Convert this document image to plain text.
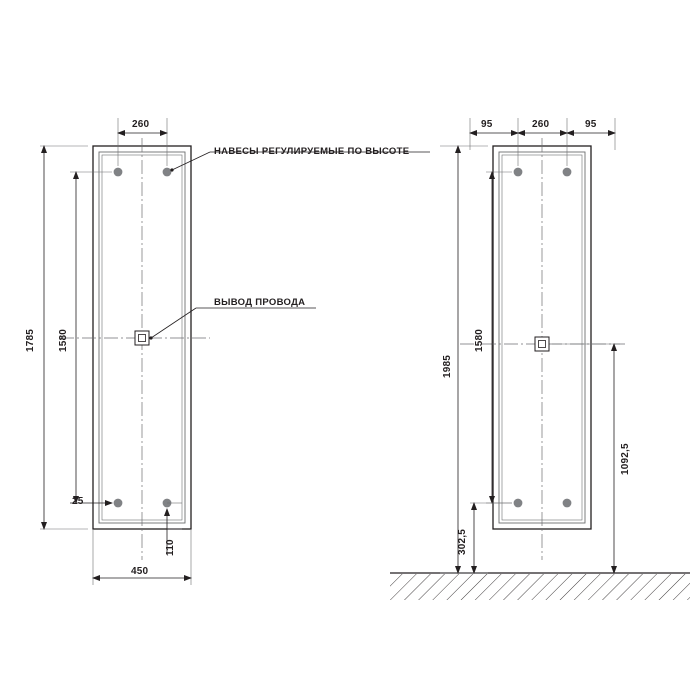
НАВЕСЫ РЕГУЛИРУЕМЫЕ ПО ВЫСОТЕ
ВЫВОД ПРОВОДА
260
450
110
25
1785 1580
95	260	95
1985
1580
1092,5
302,5
